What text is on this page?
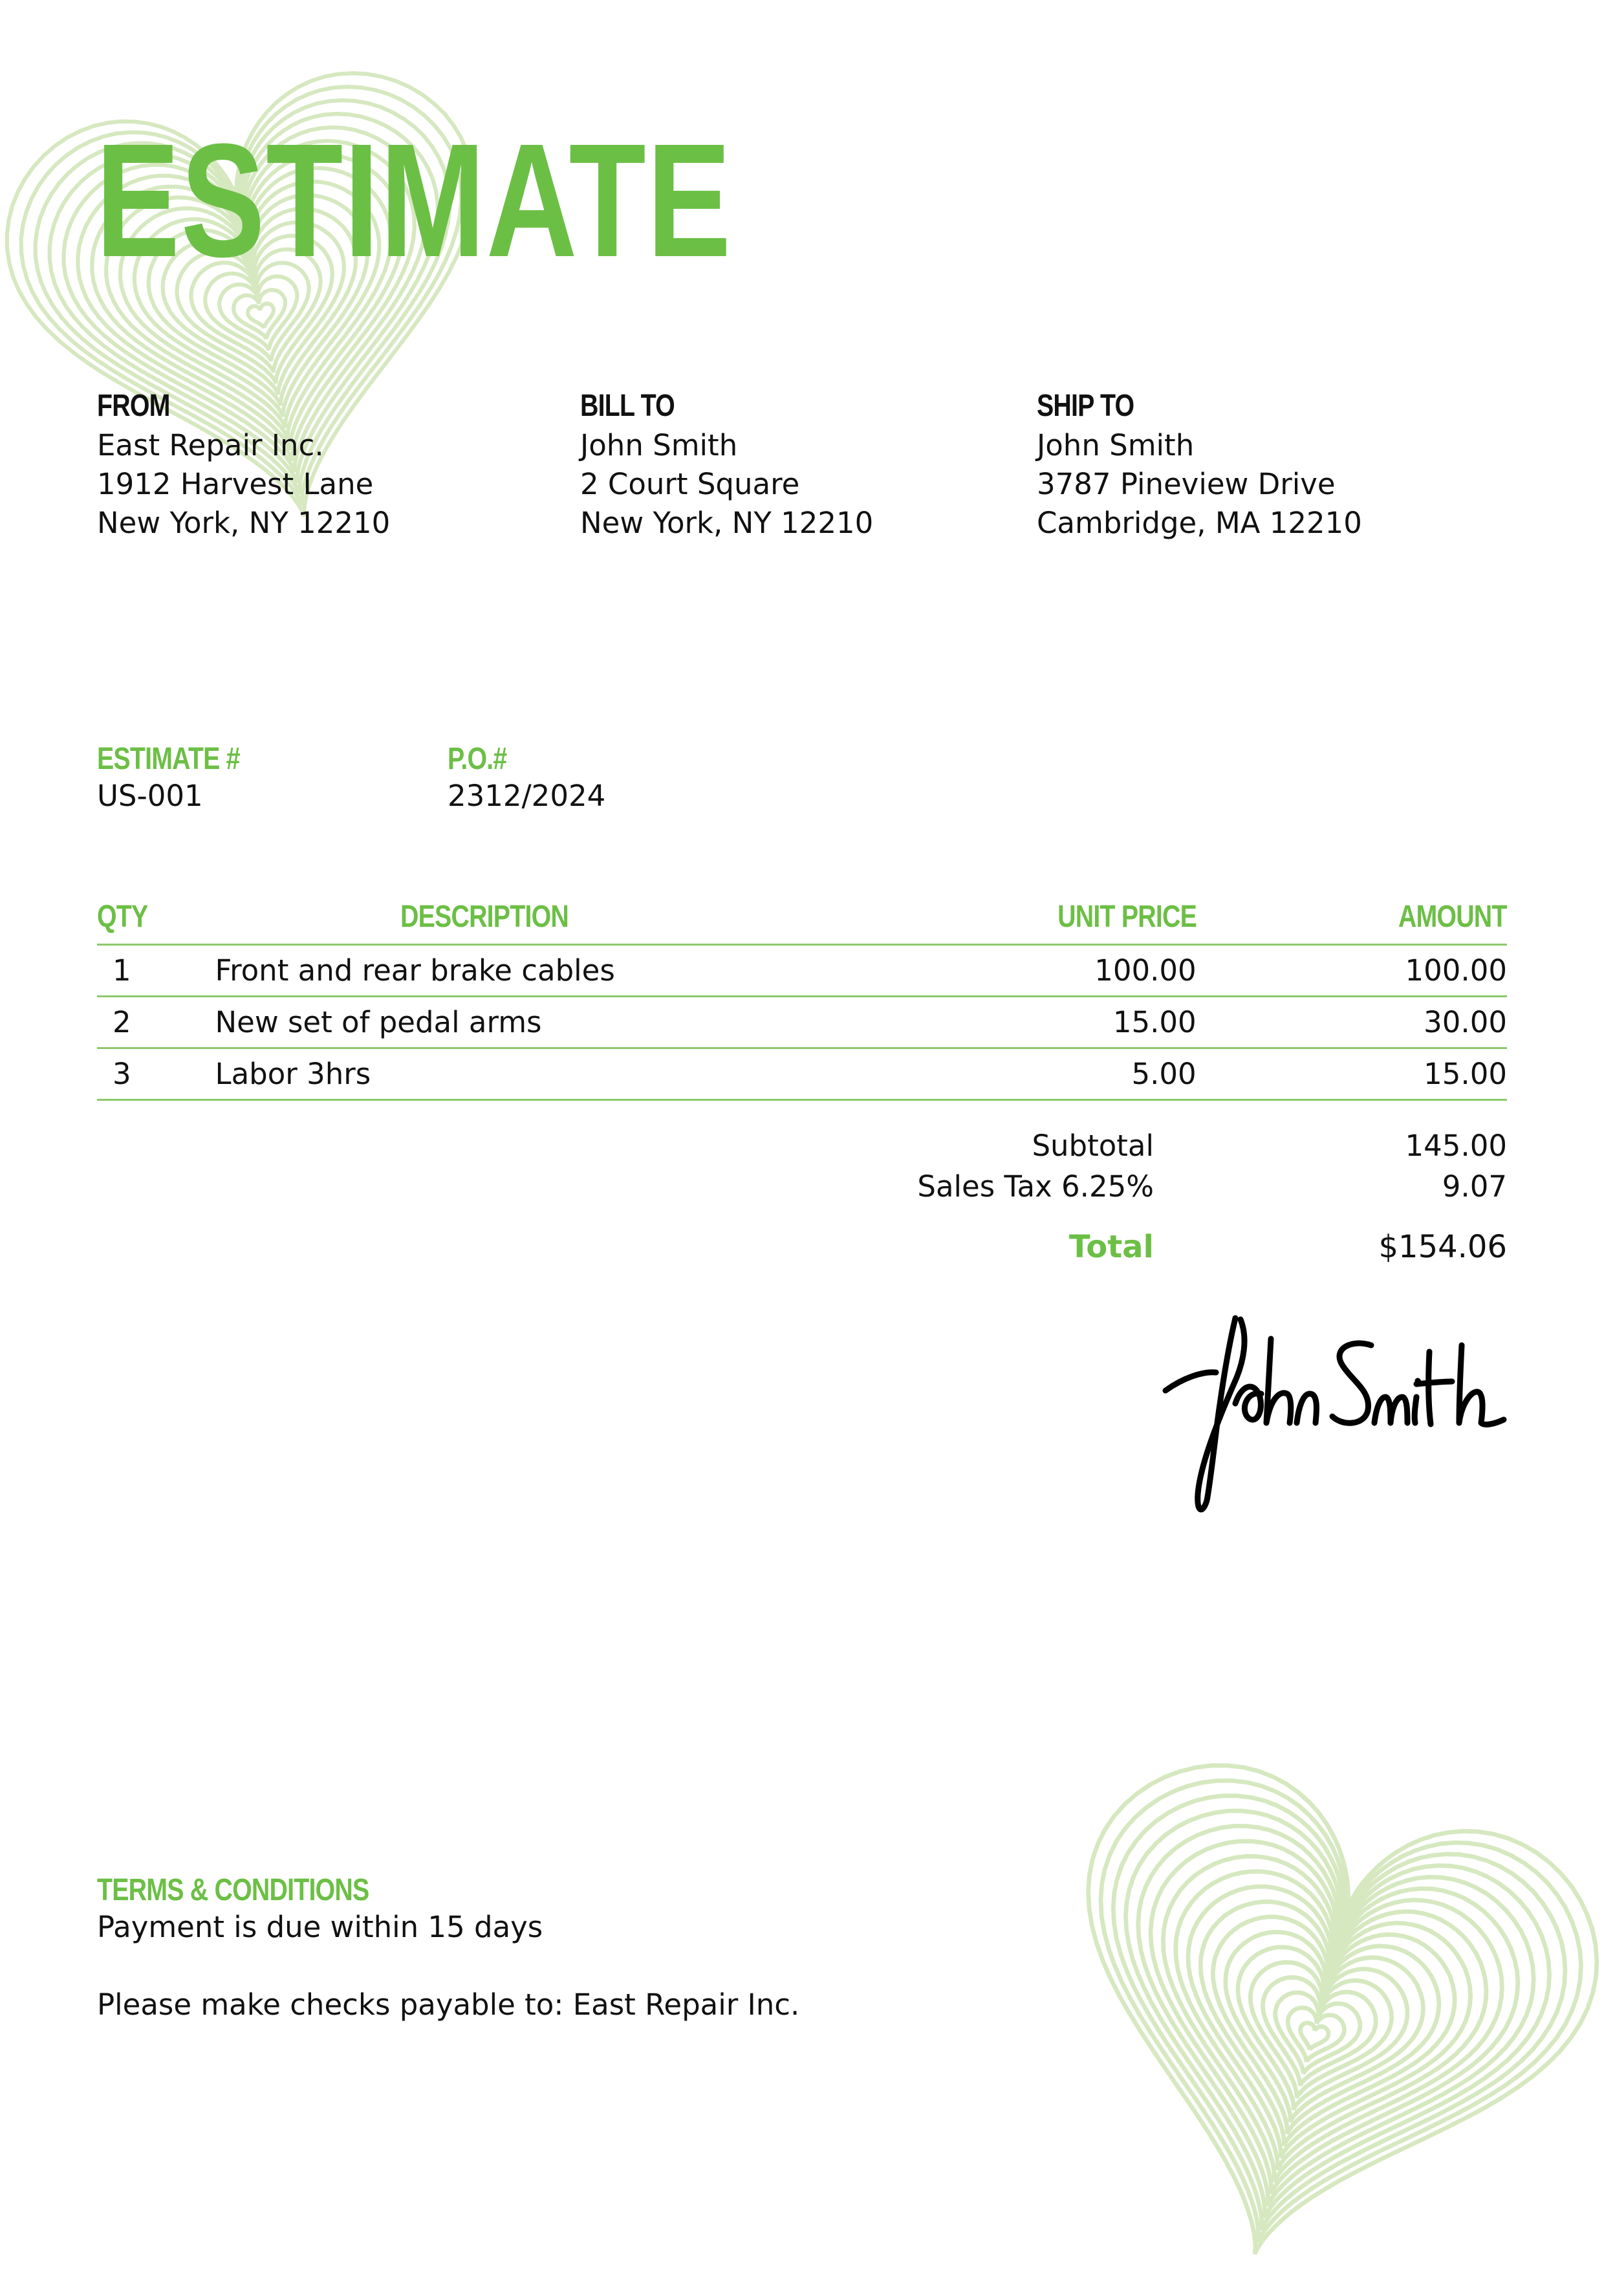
ESTIMATE
FROM
East Repair Inc.
1912 Harvest Lane
New York, NY 12210
BILL TO
John Smith
2 Court Square
New York, NY 12210
SHIP TO
John Smith
3787 Pineview Drive
Cambridge, MA 12210
ESTIMATE #
US-001
P.O.#
2312/2024
QTY	DESCRIPTION	UNIT PRICE	AMOUNT
1	Front and rear brake cables	100.00	100.00
2	New set of pedal arms	15.00	30.00
3	Labor 3hrs	5.00	15.00
Subtotal	145.00
Sales Tax 6.25%	9.07
Total	$154.06
TERMS & CONDITIONS
Payment is due within 15 days
Please make checks payable to: East Repair Inc.
